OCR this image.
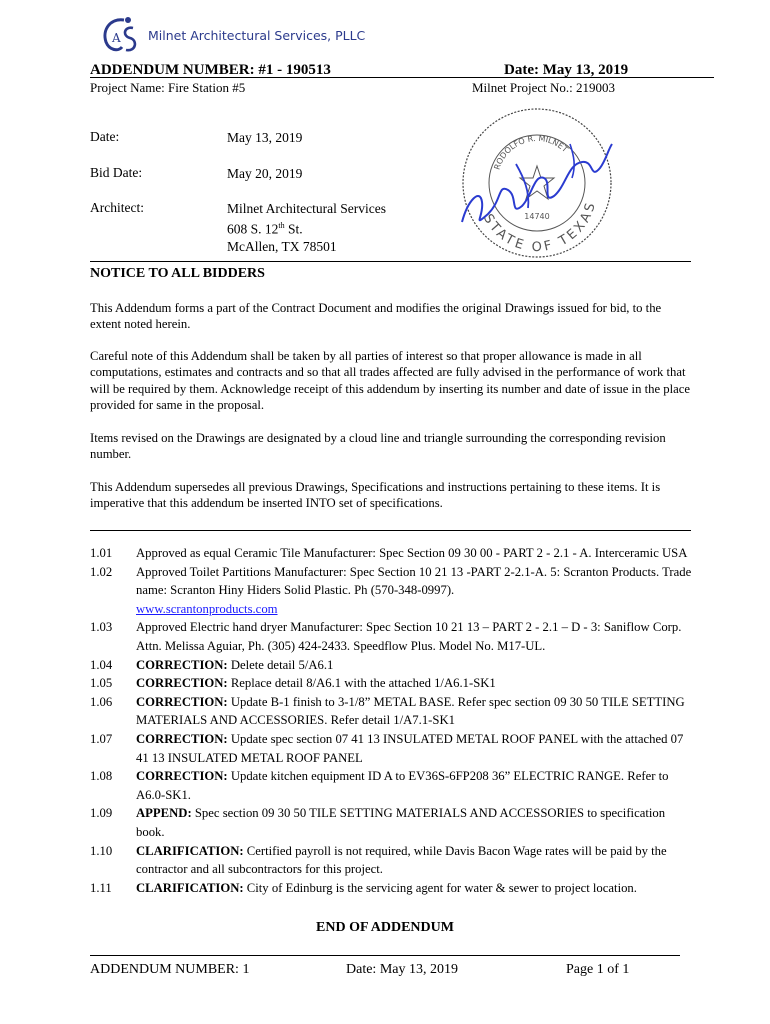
A Milnet Architectural Services, PLLC
ADDENDUM NUMBER: #1 - 190513	Date: May 13, 2019
Project Name: Fire Station #5	Milnet Project No.: 219003
Date:	May 13, 2019
Bid Date:	May 20, 2019
Architect:	Milnet Architectural Services
608 S. 12th St.
McAllen, TX 78501
STATE OF TEXAS
RODOLFO R. MILNET
14740
NOTICE TO ALL BIDDERS
This Addendum forms a part of the Contract Document and modifies the original Drawings issued for bid, to the extent noted herein.
Careful note of this Addendum shall be taken by all parties of interest so that proper allowance is made in all computations, estimates and contracts and so that all trades affected are fully advised in the performance of work that will be required by them. Acknowledge receipt of this addendum by inserting its number and date of issue in the place provided for same in the proposal.
Items revised on the Drawings are designated by a cloud line and triangle surrounding the corresponding revision number.
This Addendum supersedes all previous Drawings, Specifications and instructions pertaining to these items. It is imperative that this addendum be inserted INTO set of specifications.
1.01	Approved as equal Ceramic Tile Manufacturer: Spec Section 09 30 00 - PART 2 - 2.1 - A. Interceramic USA
1.02	Approved Toilet Partitions Manufacturer: Spec Section 10 21 13 -PART 2-2.1-A. 5: Scranton Products. Trade name: Scranton Hiny Hiders Solid Plastic. Ph (570-348-0997).
www.scrantonproducts.com
1.03	Approved Electric hand dryer Manufacturer: Spec Section 10 21 13 – PART 2 - 2.1 – D - 3: Saniflow Corp. Attn. Melissa Aguiar, Ph. (305) 424-2433. Speedflow Plus. Model No. M17-UL.
1.04	CORRECTION: Delete detail 5/A6.1
1.05	CORRECTION: Replace detail 8/A6.1 with the attached 1/A6.1-SK1
1.06	CORRECTION: Update B-1 finish to 3-1/8” METAL BASE. Refer spec section 09 30 50 TILE SETTING MATERIALS AND ACCESSORIES. Refer detail 1/A7.1-SK1
1.07	CORRECTION: Update spec section 07 41 13 INSULATED METAL ROOF PANEL with the attached 07 41 13 INSULATED METAL ROOF PANEL
1.08	CORRECTION: Update kitchen equipment ID A to EV36S-6FP208 36” ELECTRIC RANGE. Refer to A6.0-SK1.
1.09	APPEND: Spec section 09 30 50 TILE SETTING MATERIALS AND ACCESSORIES to specification book.
1.10	CLARIFICATION: Certified payroll is not required, while Davis Bacon Wage rates will be paid by the contractor and all subcontractors for this project.
1.11	CLARIFICATION: City of Edinburg is the servicing agent for water & sewer to project location.
END OF ADDENDUM
ADDENDUM NUMBER: 1	Date: May 13, 2019	Page 1 of 1
